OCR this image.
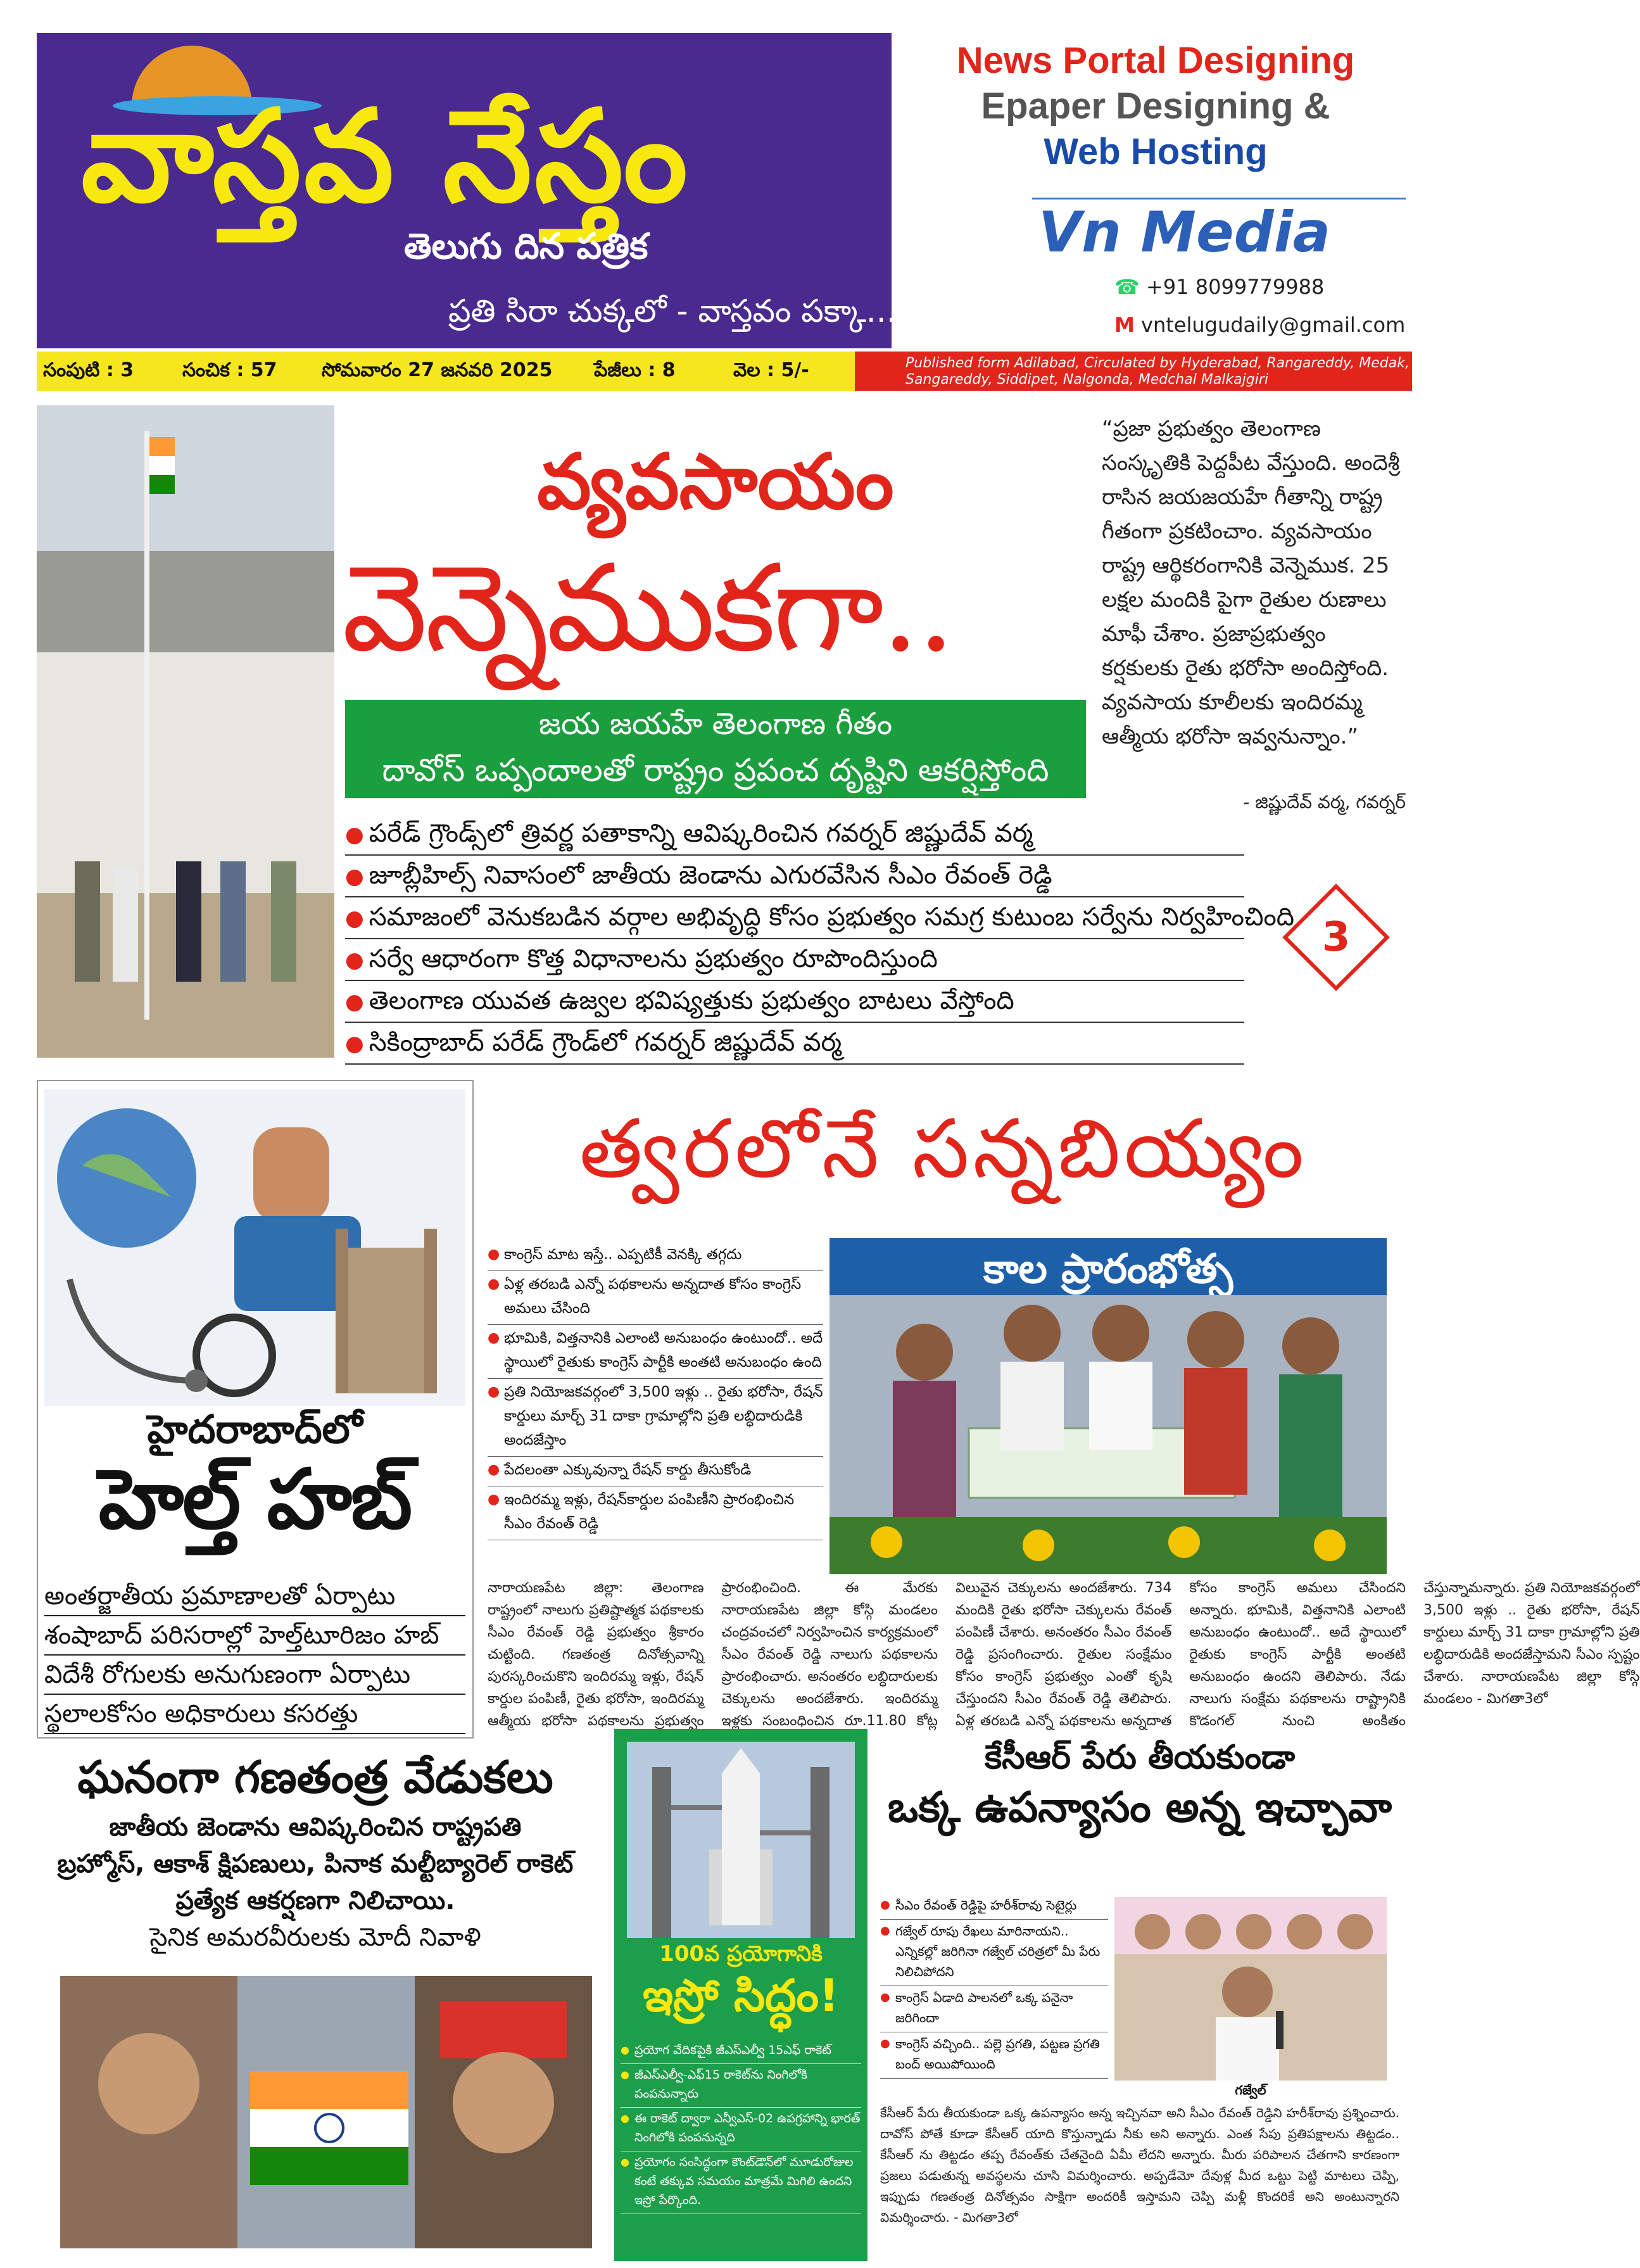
వాస్తవ నేస్తం
తెలుగు దిన పత్రిక
ప్రతి సిరా చుక్కలో - వాస్తవం పక్కా...
News Portal Designing
Epaper Designing &
Web Hosting
Vn Media
☎ +91 8099779988
M vntelugudaily@gmail.com
సంపుటి : 3	సంచిక : 57 సోమవారం 27 జనవరి 2025 పేజీలు : 8	వెల : 5/-	Published form Adilabad, Circulated by Hyderabad, Rangareddy, Medak, Sangareddy, Siddipet, Nalgonda, Medchal Malkajgiri
వ్యవసాయం
వెన్నెముకగా..
జయ జయహే తెలంగాణ గీతం
దావోస్ ఒప్పందాలతో రాష్ట్రం ప్రపంచ దృష్టిని ఆకర్షిస్తోంది
● పరేడ్ గ్రౌండ్స్‌లో త్రివర్ణ పతాకాన్ని ఆవిష్కరించిన గవర్నర్ జిష్ణుదేవ్ వర్మ
● జూబ్లీహిల్స్ నివాసంలో జాతీయ జెండాను ఎగురవేసిన సీఎం రేవంత్ రెడ్డి
● సమాజంలో వెనుకబడిన వర్గాల అభివృద్ధి కోసం ప్రభుత్వం సమగ్ర కుటుంబ సర్వేను నిర్వహించింది
● సర్వే ఆధారంగా కొత్త విధానాలను ప్రభుత్వం రూపొందిస్తుంది
● తెలంగాణ యువత ఉజ్వల భవిష్యత్తుకు ప్రభుత్వం బాటలు వేస్తోంది
● సికింద్రాబాద్ పరేడ్ గ్రౌండ్‌లో గవర్నర్ జిష్ణుదేవ్ వర్మ
“ప్రజా ప్రభుత్వం తెలంగాణ సంస్కృతికి పెద్దపీట వేస్తుంది. అందెశ్రీ రాసిన జయజయహే గీతాన్ని రాష్ట్ర గీతంగా ప్రకటించాం. వ్యవసాయం రాష్ట్ర ఆర్థికరంగానికి వెన్నెముక. 25 లక్షల మందికి పైగా రైతుల రుణాలు మాఫీ చేశాం. ప్రజాప్రభుత్వం కర్షకులకు రైతు భరోసా అందిస్తోంది. వ్యవసాయ కూలీలకు ఇందిరమ్మ ఆత్మీయ భరోసా ఇవ్వనున్నాం.”
- జిష్ణుదేవ్ వర్మ, గవర్నర్
3
హైదరాబాద్‌లో
హెల్త్ హబ్
అంతర్జాతీయ ప్రమాణాలతో ఏర్పాటు
శంషాబాద్ పరిసరాల్లో హెల్త్‌టూరిజం హబ్
విదేశీ రోగులకు అనుగుణంగా ఏర్పాటు
స్థలాలకోసం అధికారులు కసరత్తు
త్వరలోనే సన్నబియ్యం
● కాంగ్రెస్ మాట ఇస్తే.. ఎప్పటికీ వెనక్కి తగ్గదు
● ఏళ్ల తరబడి ఎన్నో పథకాలను అన్నదాత కోసం కాంగ్రెస్ అమలు చేసింది
● భూమికి, విత్తనానికి ఎలాంటి అనుబంధం ఉంటుందో.. అదే స్థాయిలో రైతుకు కాంగ్రెస్ పార్టీకి అంతటి అనుబంధం ఉంది
● ప్రతి నియోజకవర్గంలో 3,500 ఇళ్లు .. రైతు భరోసా, రేషన్ కార్డులు మార్చ్ 31 దాకా గ్రామాల్లోని ప్రతి లబ్ధిదారుడికి అందజేస్తాం
● పేదలంతా ఎక్కువున్నా రేషన్ కార్డు తీసుకోండి
● ఇందిరమ్మ ఇళ్లు, రేషన్‌కార్డుల పంపిణీని ప్రారంభించిన సీఎం రేవంత్ రెడ్డి
కాల ప్రారంభోత్స
నారాయణపేట జిల్లా: తెలంగాణ రాష్ట్రంలో నాలుగు ప్రతిష్టాత్మక పథకాలకు సీఎం రేవంత్ రెడ్డి ప్రభుత్వం శ్రీకారం చుట్టింది. గణతంత్ర దినోత్సవాన్ని పురస్కరించుకొని ఇందిరమ్మ ఇళ్లు, రేషన్ కార్డుల పంపిణీ, రైతు భరోసా, ఇందిరమ్మ ఆత్మీయ భరోసా పథకాలను ప్రభుత్వం ప్రారంభించింది. ఈ మేరకు నారాయణపేట జిల్లా కోస్గి మండలం చంద్రవంచలో నిర్వహించిన కార్యక్రమంలో సీఎం రేవంత్ రెడ్డి నాలుగు పథకాలను ప్రారంభించారు. అనంతరం లబ్ధిదారులకు చెక్కులను అందజేశారు. ఇందిరమ్మ ఇళ్లకు సంబంధించిన రూ.11.80 కోట్ల విలువైన చెక్కులను అందజేశారు. 734 మందికి రైతు భరోసా చెక్కులను రేవంత్ పంపిణీ చేశారు. అనంతరం సీఎం రేవంత్ రెడ్డి ప్రసంగించారు. రైతుల సంక్షేమం కోసం కాంగ్రెస్ ప్రభుత్వం ఎంతో కృషి చేస్తుందని సీఎం రేవంత్ రెడ్డి తెలిపారు. ఏళ్ల తరబడి ఎన్నో పథకాలను అన్నదాత కోసం కాంగ్రెస్ అమలు చేసిందని అన్నారు. భూమికి, విత్తనానికి ఎలాంటి అనుబంధం ఉంటుందో.. అదే స్థాయిలో రైతుకు కాంగ్రెస్ పార్టీకి అంతటి అనుబంధం ఉందని తెలిపారు. నేడు నాలుగు సంక్షేమ పథకాలను రాష్ట్రానికి కొడంగల్ నుంచి అంకితం చేస్తున్నామన్నారు. ప్రతి నియోజకవర్గంలో 3,500 ఇళ్లు .. రైతు భరోసా, రేషన్ కార్డులు మార్చ్ 31 దాకా గ్రామాల్లోని ప్రతి లబ్ధిదారుడికి అందజేస్తామని సీఎం స్పష్టం చేశారు. నారాయణపేట జిల్లా కోస్గి మండలం - మిగతా3లో
ఘనంగా గణతంత్ర వేడుకలు
జాతీయ జెండాను ఆవిష్కరించిన రాష్ట్రపతి
బ్రహ్మోస్, ఆకాశ్ క్షిపణులు, పినాక మల్టీబ్యారెల్ రాకెట్
ప్రత్యేక ఆకర్షణగా నిలిచాయి.
సైనిక అమరవీరులకు మోదీ నివాళి
100వ ప్రయోగానికి
ఇస్రో సిద్ధం!
● ప్రయోగ వేదికపైకి జీఎస్ఎల్వీ 15ఎఫ్ రాకెట్
● జీఎస్ఎల్వీ-ఎఫ్15 రాకెట్‌ను నింగిలోకి పంపనున్నారు
● ఈ రాకెట్ ద్వారా ఎన్వీఎస్-02 ఉపగ్రహాన్ని భారత్ నింగిలోకి పంపనున్నది
● ప్రయోగం సంసిద్ధంగా కౌంట్‌డౌన్‌లో మూడురోజుల కంటే తక్కువ సమయం మాత్రమే మిగిలి ఉందని ఇస్రో పేర్కొంది.
కేసీఆర్ పేరు తీయకుండా
ఒక్క ఉపన్యాసం అన్న ఇచ్చావా
● సీఎం రేవంత్ రెడ్డిపై హరీశ్‌రావు సెటైర్లు
● గజ్వేల్ రూపు రేఖలు మారినాయని.. ఎన్నికల్లో జరిగినా గజ్వేల్ చరిత్రలో మీ పేరు నిలిచిపోదని
● కాంగ్రెస్ ఏడాది పాలనలో ఒక్క పనైనా జరిగిందా
● కాంగ్రెస్ వచ్చింది.. పల్లె ప్రగతి, పట్టణ ప్రగతి బంద్ అయిపోయింది
గజ్వేల్
కేసీఆర్ పేరు తీయకుండా ఒక్క ఉపన్యాసం అన్న ఇచ్చినవా అని సీఎం రేవంత్ రెడ్డిని హరీశ్‌రావు ప్రశ్నించారు. దావోస్ పోతే కూడా కేసీఆర్ యాది కొస్తున్నాడు నీకు అని అన్నారు. ఎంత సేపు ప్రతిపక్షాలను తిట్టడం.. కేసీఆర్ ను తిట్టడం తప్ప రేవంత్‌కు చేతనైంది ఏమీ లేదని అన్నారు. మీరు పరిపాలన చేతగాని కారణంగా ప్రజలు పడుతున్న అవస్థలను చూసి విమర్శించారు. అప్పడేమో దేవుళ్ల మీద ఒట్టు పెట్టి మాటలు చెప్పి, ఇప్పుడు గణతంత్ర దినోత్సవం సాక్షిగా అందరికీ ఇస్తామని చెప్పి మళ్లీ కొందరికే అని అంటున్నారని విమర్శించారు. - మిగతా3లో
